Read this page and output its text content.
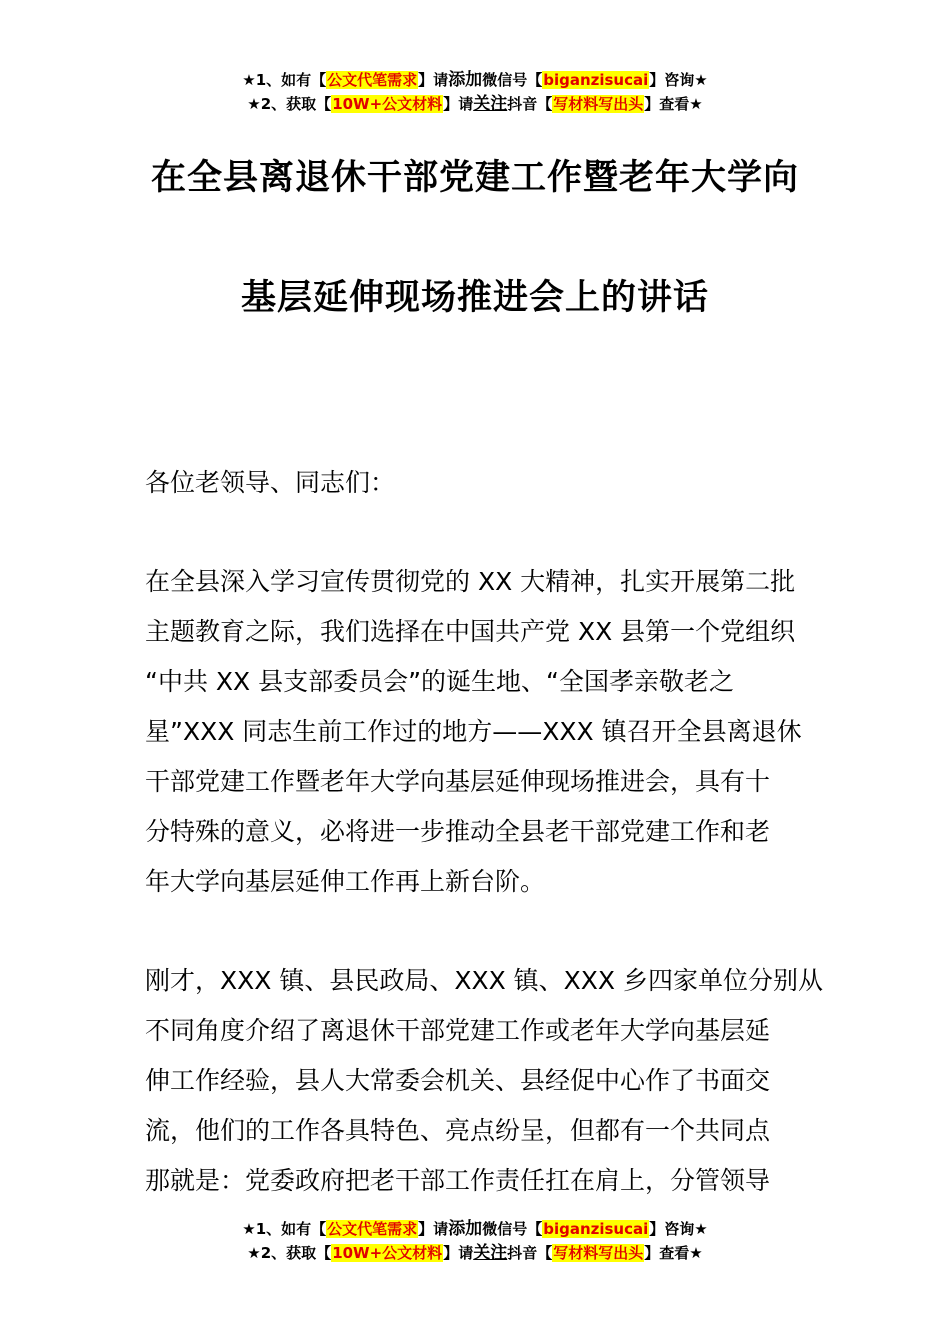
★1、如有【公文代笔需求】请添加微信号【biganzisucai】咨询★
★2、获取【10W+公文材料】请关注抖音【写材料写出头】查看★
在全县离退休干部党建工作暨老年大学向
基层延伸现场推进会上的讲话

各位老领导、同志们：

在全县深入学习宣传贯彻党的 XX 大精神，扎实开展第二批
主题教育之际，我们选择在中国共产党 XX 县第一个党组织
“中共 XX 县支部委员会”的诞生地、“全国孝亲敬老之
星”XXX 同志生前工作过的地方——XXX 镇召开全县离退休
干部党建工作暨老年大学向基层延伸现场推进会，具有十
分特殊的意义，必将进一步推动全县老干部党建工作和老
年大学向基层延伸工作再上新台阶。

刚才，XXX 镇、县民政局、XXX 镇、XXX 乡四家单位分别从
不同角度介绍了离退休干部党建工作或老年大学向基层延
伸工作经验，县人大常委会机关、县经促中心作了书面交
流，他们的工作各具特色、亮点纷呈，但都有一个共同点
那就是：党委政府把老干部工作责任扛在肩上，分管领导

★1、如有【公文代笔需求】请添加微信号【biganzisucai】咨询★
★2、获取【10W+公文材料】请关注抖音【写材料写出头】查看★
